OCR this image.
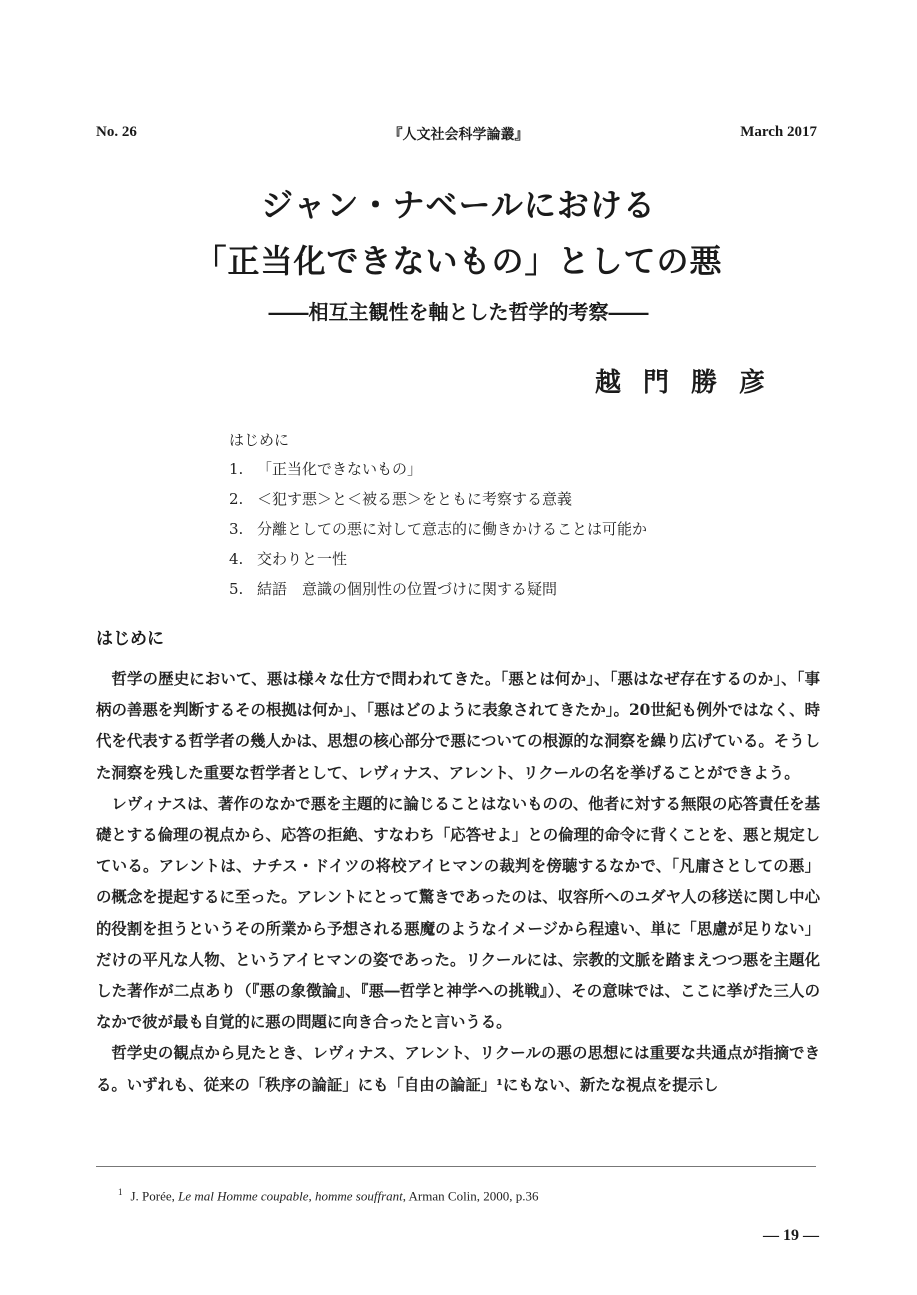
No. 26	『人文社会科学論叢』	March 2017
ジャン・ナベールにおける
「正当化できないもの」としての悪
――相互主観性を軸とした哲学的考察――
越門勝彦
はじめに
1. 「正当化できないもの」
2. ＜犯す悪＞と＜被る悪＞をともに考察する意義
3. 分離としての悪に対して意志的に働きかけることは可能か
4. 交わりと一性
5. 結語　意識の個別性の位置づけに関する疑問
はじめに

哲学の歴史において、悪は様々な仕方で問われてきた。「悪とは何か」、「悪はなぜ存在するのか」、「事柄の善悪を判断するその根拠は何か」、「悪はどのように表象されてきたか」。20世紀も例外ではなく、時代を代表する哲学者の幾人かは、思想の核心部分で悪についての根源的な洞察を繰り広げている。そうした洞察を残した重要な哲学者として、レヴィナス、アレント、リクールの名を挙げることができよう。

レヴィナスは、著作のなかで悪を主題的に論じることはないものの、他者に対する無限の応答責任を基礎とする倫理の視点から、応答の拒絶、すなわち「応答せよ」との倫理的命令に背くことを、悪と規定している。アレントは、ナチス・ドイツの将校アイヒマンの裁判を傍聴するなかで、「凡庸さとしての悪」の概念を提起するに至った。アレントにとって驚きであったのは、収容所へのユダヤ人の移送に関し中心的役割を担うというその所業から予想される悪魔のようなイメージから程遠い、単に「思慮が足りない」だけの平凡な人物、というアイヒマンの姿であった。リクールには、宗教的文脈を踏まえつつ悪を主題化した著作が二点あり（『悪の象徴論』、『悪―哲学と神学への挑戦』）、その意味では、ここに挙げた三人のなかで彼が最も自覚的に悪の問題に向き合ったと言いうる。

哲学史の観点から見たとき、レヴィナス、アレント、リクールの悪の思想には重要な共通点が指摘できる。いずれも、従来の「秩序の論証」にも「自由の論証」¹にもない、新たな視点を提示し

$^1$ J. Porée, Le mal Homme coupable, homme souffrant, Arman Colin, 2000, p.36
— 19 —
